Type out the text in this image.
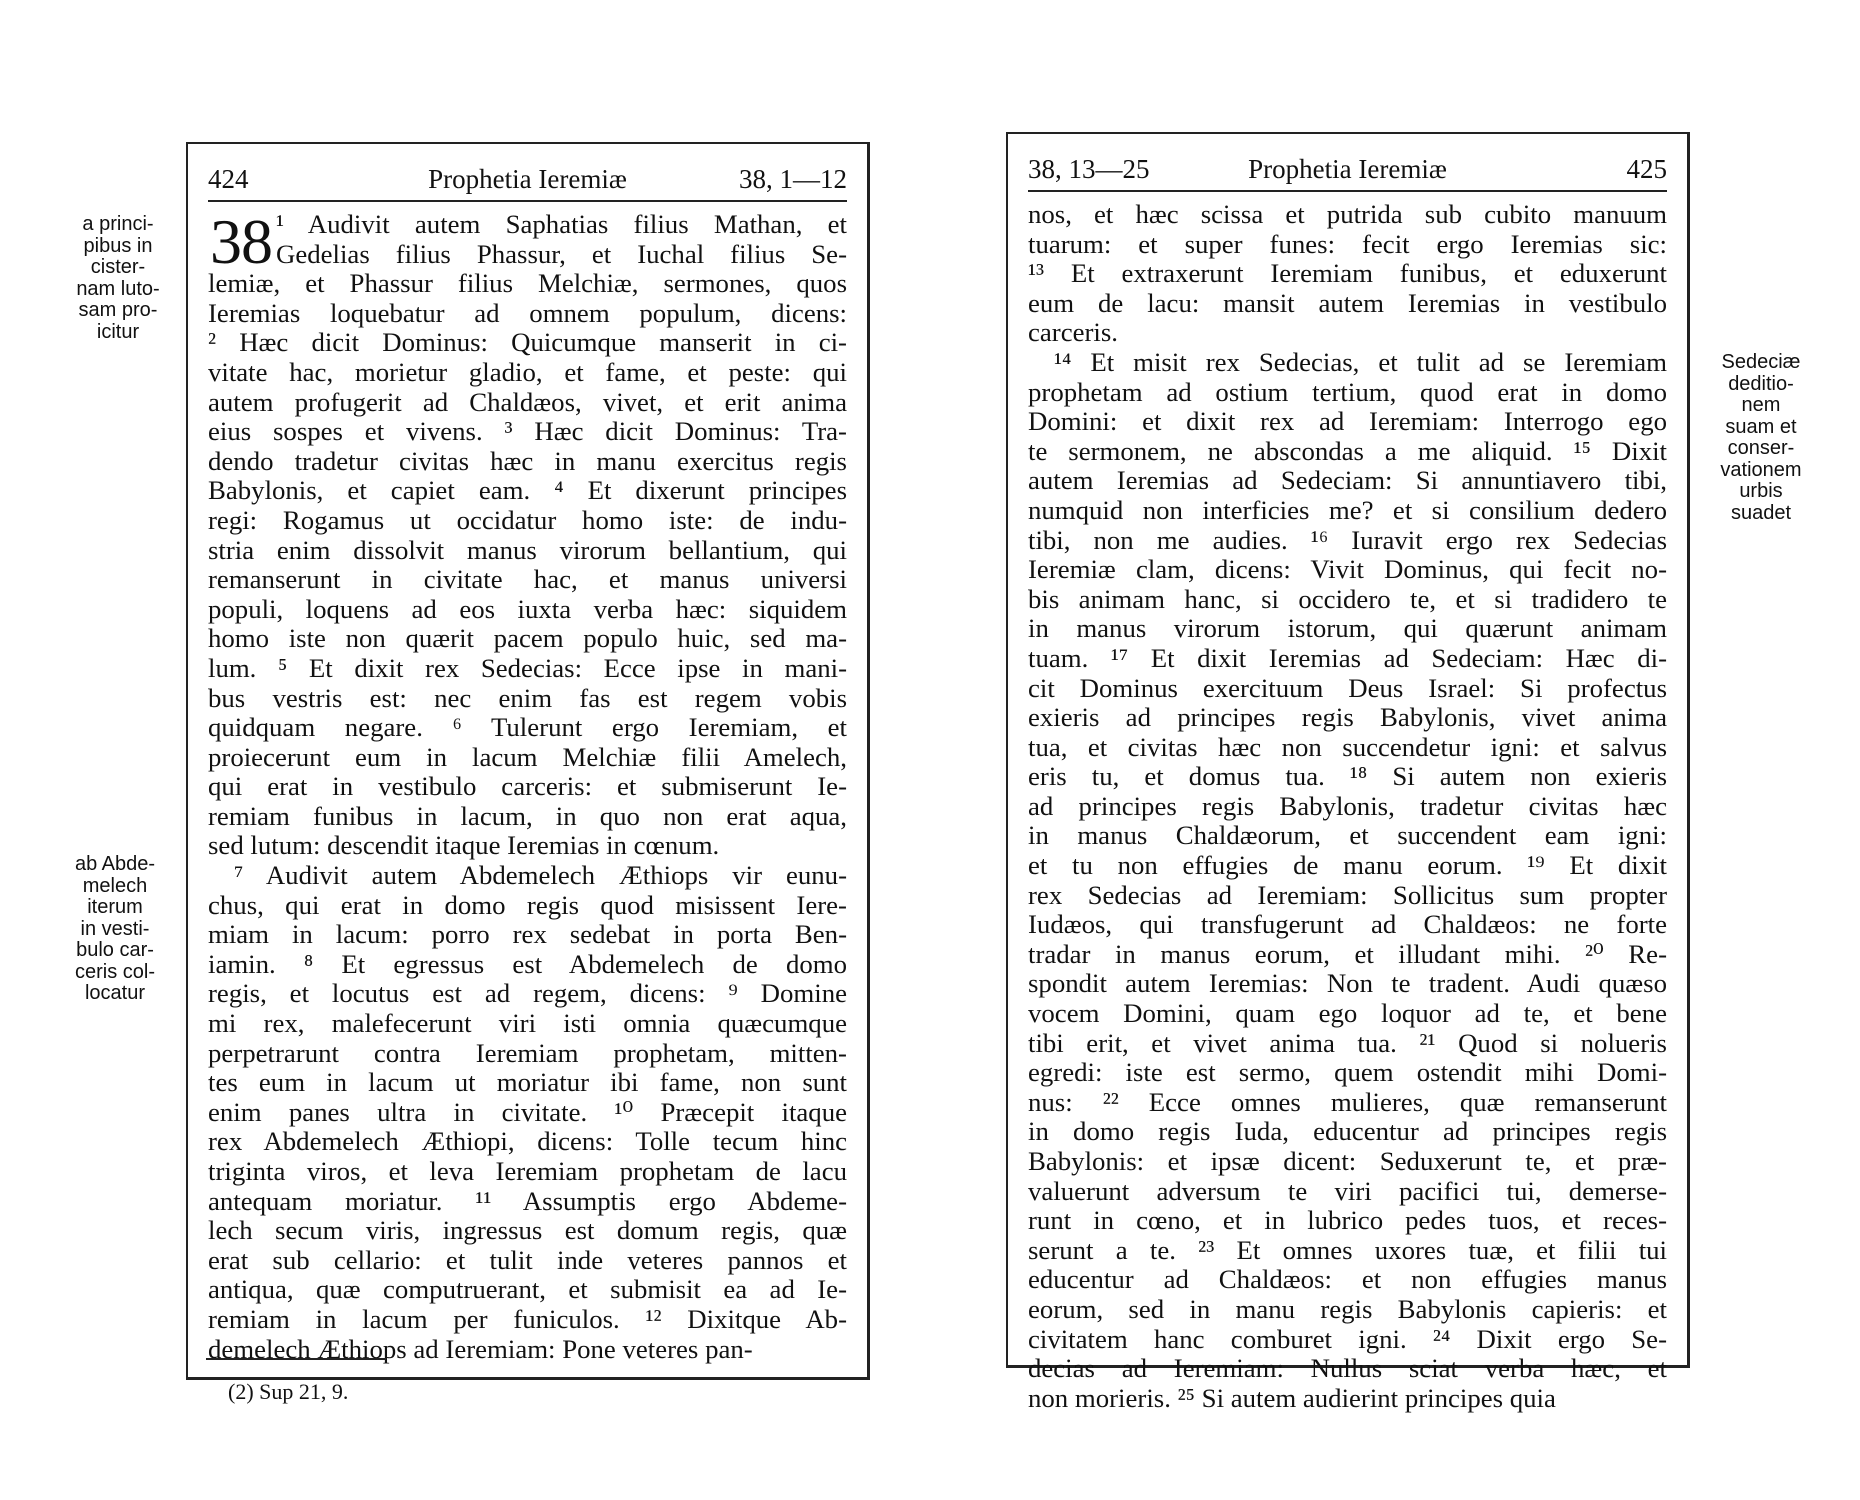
a princi-
pibus in
cister-
nam luto-
sam pro-
icitur
ab Abde-
melech
iterum
in vesti-
bulo car-
ceris col-
locatur
424	Prophetia Ieremiæ	38, 1—12
38 ¹ Audivit autem Saphatias filius Mathan, et
Gedelias filius Phassur, et Iuchal filius Se-
lemiæ, et Phassur filius Melchiæ, sermones, quos
Ieremias loquebatur ad omnem populum, dicens:
² Hæc dicit Dominus: Quicumque manserit in ci-
vitate hac, morietur gladio, et fame, et peste: qui
autem profugerit ad Chaldæos, vivet, et erit anima
eius sospes et vivens. ³ Hæc dicit Dominus: Tra-
dendo tradetur civitas hæc in manu exercitus regis
Babylonis, et capiet eam. ⁴ Et dixerunt principes
regi: Rogamus ut occidatur homo iste: de indu-
stria enim dissolvit manus virorum bellantium, qui
remanserunt in civitate hac, et manus universi
populi, loquens ad eos iuxta verba hæc: siquidem
homo iste non quærit pacem populo huic, sed ma-
lum. ⁵ Et dixit rex Sedecias: Ecce ipse in mani-
bus vestris est: nec enim fas est regem vobis
quidquam negare. ⁶ Tulerunt ergo Ieremiam, et
proiecerunt eum in lacum Melchiæ filii Amelech,
qui erat in vestibulo carceris: et submiserunt Ie-
remiam funibus in lacum, in quo non erat aqua,
sed lutum: descendit itaque Ieremias in cœnum.
⁷ Audivit autem Abdemelech Æthiops vir eunu-
chus, qui erat in domo regis quod misissent Iere-
miam in lacum: porro rex sedebat in porta Ben-
iamin. ⁸ Et egressus est Abdemelech de domo
regis, et locutus est ad regem, dicens: ⁹ Domine
mi rex, malefecerunt viri isti omnia quæcumque
perpetrarunt contra Ieremiam prophetam, mitten-
tes eum in lacum ut moriatur ibi fame, non sunt
enim panes ultra in civitate. ¹⁰ Præcepit itaque
rex Abdemelech Æthiopi, dicens: Tolle tecum hinc
triginta viros, et leva Ieremiam prophetam de lacu
antequam moriatur. ¹¹ Assumptis ergo Abdeme-
lech secum viris, ingressus est domum regis, quæ
erat sub cellario: et tulit inde veteres pannos et
antiqua, quæ computruerant, et submisit ea ad Ie-
remiam in lacum per funiculos. ¹² Dixitque Ab-
demelech Æthiops ad Ieremiam: Pone veteres pan-
(2) Sup 21, 9.
38, 13—25	Prophetia Ieremiæ	425
nos, et hæc scissa et putrida sub cubito manuum
tuarum: et super funes: fecit ergo Ieremias sic:
¹³ Et extraxerunt Ieremiam funibus, et eduxerunt
eum de lacu: mansit autem Ieremias in vestibulo
carceris.
¹⁴ Et misit rex Sedecias, et tulit ad se Ieremiam
prophetam ad ostium tertium, quod erat in domo
Domini: et dixit rex ad Ieremiam: Interrogo ego
te sermonem, ne abscondas a me aliquid. ¹⁵ Dixit
autem Ieremias ad Sedeciam: Si annuntiavero tibi,
numquid non interficies me? et si consilium dedero
tibi, non me audies. ¹⁶ Iuravit ergo rex Sedecias
Ieremiæ clam, dicens: Vivit Dominus, qui fecit no-
bis animam hanc, si occidero te, et si tradidero te
in manus virorum istorum, qui quærunt animam
tuam. ¹⁷ Et dixit Ieremias ad Sedeciam: Hæc di-
cit Dominus exercituum Deus Israel: Si profectus
exieris ad principes regis Babylonis, vivet anima
tua, et civitas hæc non succendetur igni: et salvus
eris tu, et domus tua. ¹⁸ Si autem non exieris
ad principes regis Babylonis, tradetur civitas hæc
in manus Chaldæorum, et succendent eam igni:
et tu non effugies de manu eorum. ¹⁹ Et dixit
rex Sedecias ad Ieremiam: Sollicitus sum propter
Iudæos, qui transfugerunt ad Chaldæos: ne forte
tradar in manus eorum, et illudant mihi. ²⁰ Re-
spondit autem Ieremias: Non te tradent. Audi quæso
vocem Domini, quam ego loquor ad te, et bene
tibi erit, et vivet anima tua. ²¹ Quod si nolueris
egredi: iste est sermo, quem ostendit mihi Domi-
nus: ²² Ecce omnes mulieres, quæ remanserunt
in domo regis Iuda, educentur ad principes regis
Babylonis: et ipsæ dicent: Seduxerunt te, et præ-
valuerunt adversum te viri pacifici tui, demerse-
runt in cœno, et in lubrico pedes tuos, et reces-
serunt a te. ²³ Et omnes uxores tuæ, et filii tui
educentur ad Chaldæos: et non effugies manus
eorum, sed in manu regis Babylonis capieris: et
civitatem hanc comburet igni. ²⁴ Dixit ergo Se-
decias ad Ieremiam: Nullus sciat verba hæc, et
non morieris. ²⁵ Si autem audierint principes quia
Sedeciæ
deditio-
nem
suam et
conser-
vationem
urbis
suadet
